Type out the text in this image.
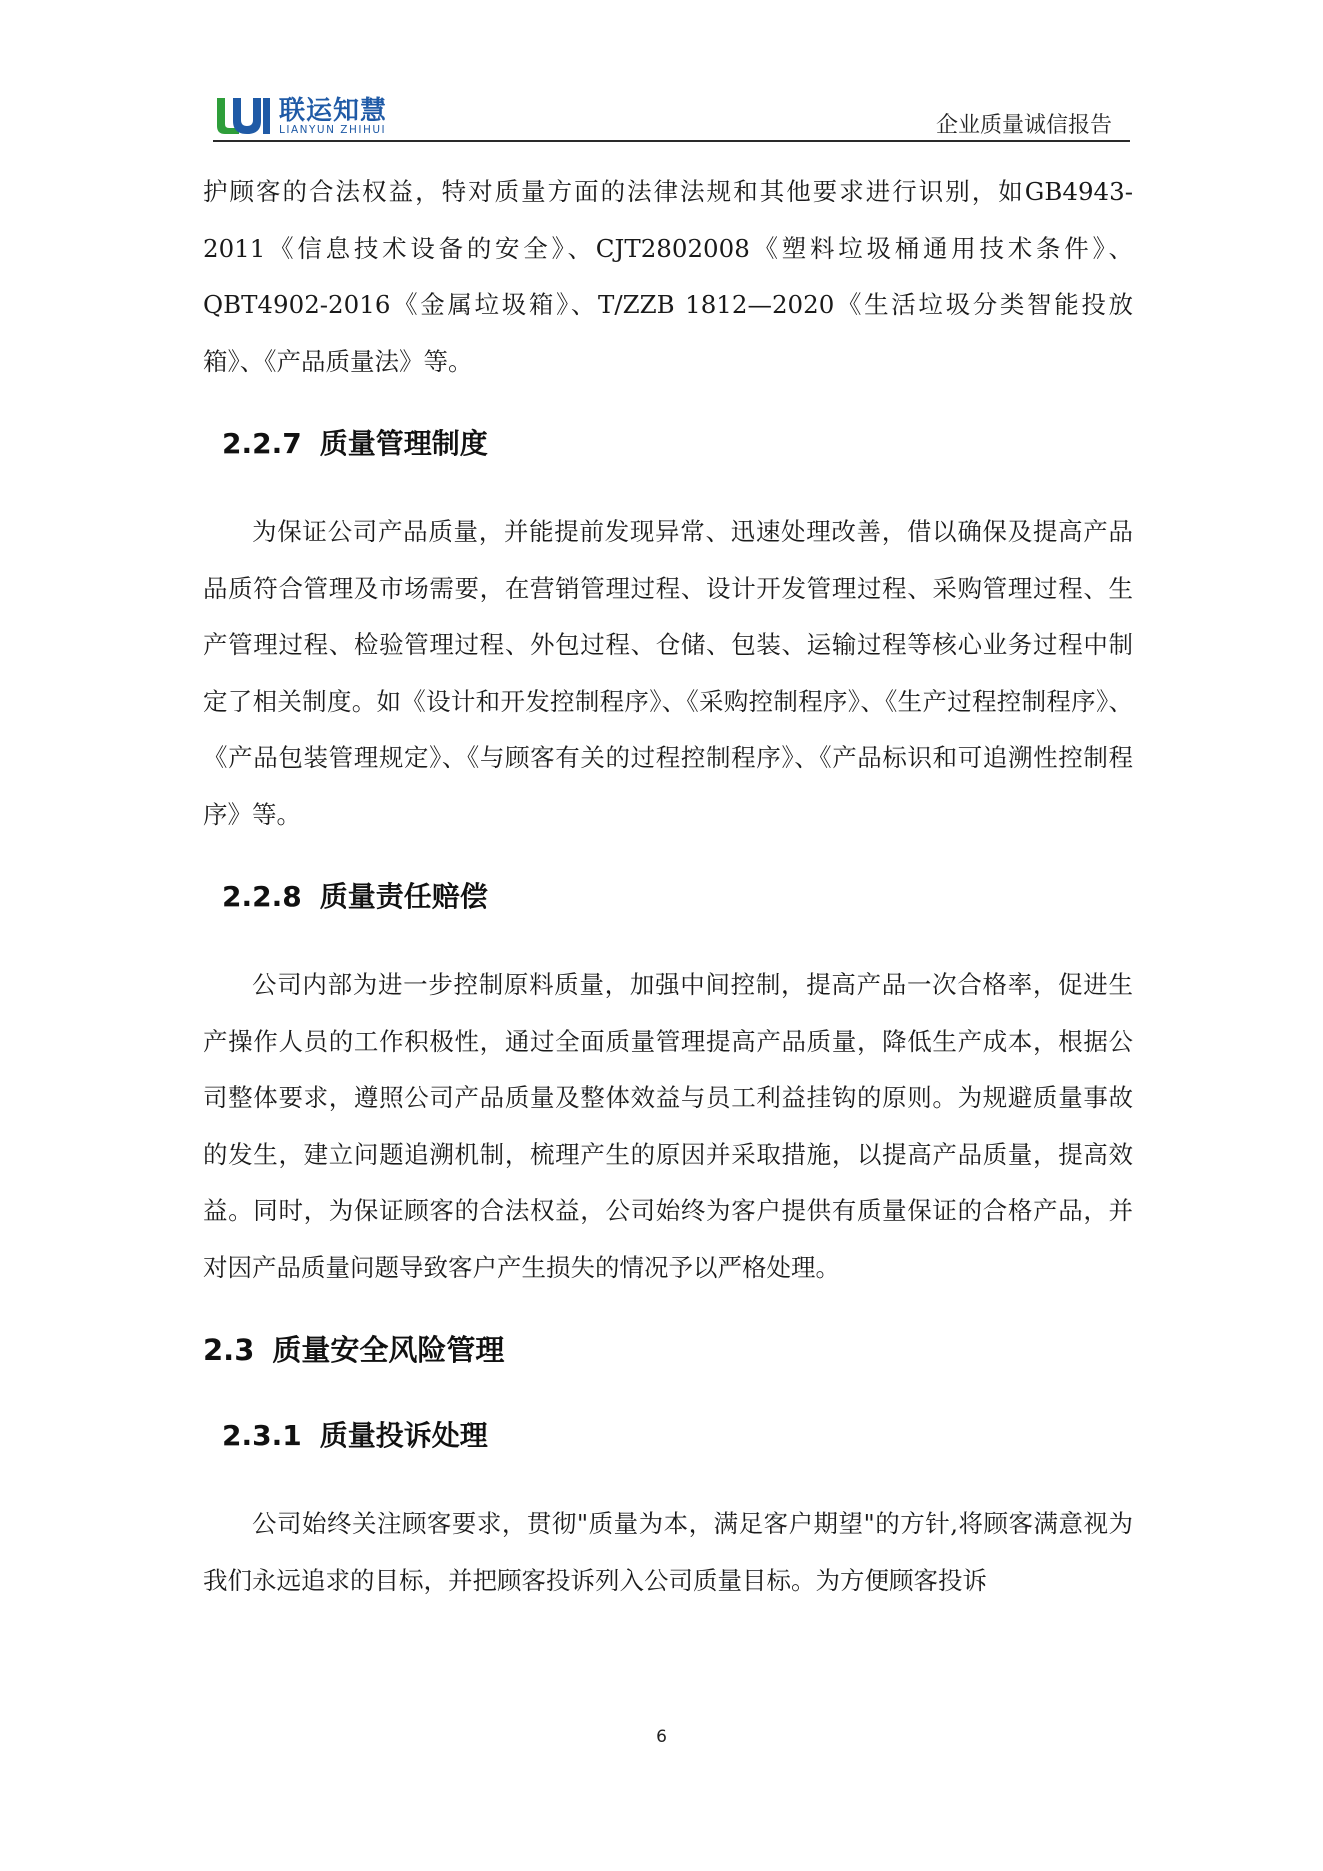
联运知慧
LIANYUN ZHIHUI	企业质量诚信报告

护顾客的合法权益，特对质量方面的法律法规和其他要求进行识别，如GB4943-2011《信息技术设备的安全》、CJT2802008《塑料垃圾桶通用技术条件》、QBT4902-2016《金属垃圾箱》、T/ZZB 1812—2020《生活垃圾分类智能投放箱》、《产品质量法》等。

2.2.7 质量管理制度

为保证公司产品质量，并能提前发现异常、迅速处理改善，借以确保及提高产品品质符合管理及市场需要，在营销管理过程、设计开发管理过程、采购管理过程、生产管理过程、检验管理过程、外包过程、仓储、包装、运输过程等核心业务过程中制定了相关制度。如《设计和开发控制程序》、《采购控制程序》、《生产过程控制程序》、《产品包装管理规定》、《与顾客有关的过程控制程序》、《产品标识和可追溯性控制程序》等。

2.2.8 质量责任赔偿

公司内部为进一步控制原料质量，加强中间控制，提高产品一次合格率，促进生产操作人员的工作积极性，通过全面质量管理提高产品质量，降低生产成本，根据公司整体要求，遵照公司产品质量及整体效益与员工利益挂钩的原则。为规避质量事故的发生，建立问题追溯机制，梳理产生的原因并采取措施，以提高产品质量，提高效益。同时，为保证顾客的合法权益，公司始终为客户提供有质量保证的合格产品，并对因产品质量问题导致客户产生损失的情况予以严格处理。

2.3 质量安全风险管理
2.3.1 质量投诉处理

公司始终关注顾客要求，贯彻"质量为本，满足客户期望"的方针,将顾客满意视为我们永远追求的目标，并把顾客投诉列入公司质量目标。为方便顾客投诉

6
